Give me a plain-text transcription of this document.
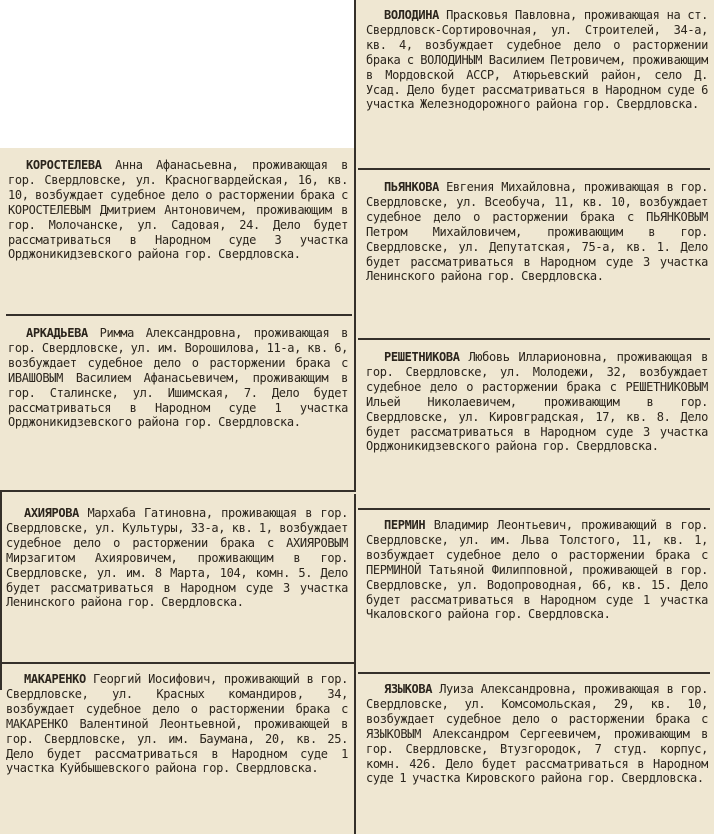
КОРОСТЕЛЕВА Анна Афанасьевна, проживающая в гор. Свердловске, ул. Красногвардейская, 16, кв. 10, возбуждает судебное дело о расторжении брака с КОРОСТЕЛЕВЫМ Дмитрием Антоновичем, проживающим в гор. Молочанске, ул. Садовая, 24. Дело будет рассматриваться в Народном суде 3 участка Орджоникидзевского района гор. Свердловска.

АРКАДЬЕВА Римма Александровна, проживающая в гор. Свердловске, ул. им. Ворошилова, 11-а, кв. 6, возбуждает судебное дело о расторжении брака с ИВАШОВЫМ Василием Афанасьевичем, проживающим в гор. Сталинске, ул. Ишимская, 7. Дело будет рассматриваться в Народном суде 1 участка Орджоникидзевского района гор. Свердловска.

АХИЯРОВА Мархаба Гатиновна, проживающая в гор. Свердловске, ул. Культуры, 33-а, кв. 1, возбуждает судебное дело о расторжении брака с АХИЯРОВЫМ Мирзагитом Ахияровичем, проживающим в гор. Свердловске, ул. им. 8 Марта, 104, комн. 5. Дело будет рассматриваться в Народном суде 3 участка Ленинского района гор. Свердловска.

МАКАРЕНКО Георгий Иосифович, проживающий в гор. Свердловске, ул. Красных командиров, 34, возбуждает судебное дело о расторжении брака с МАКАРЕНКО Валентиной Леонтьевной, проживающей в гор. Свердловске, ул. им. Баумана, 20, кв. 25. Дело будет рассматриваться в Народном суде 1 участка Куйбышевского района гор. Свердловска.

ВОЛОДИНА Прасковья Павловна, проживающая на ст. Свердловск-Сортировочная, ул. Строителей, 34-а, кв. 4, возбуждает судебное дело о расторжении брака с ВОЛОДИНЫМ Василием Петровичем, проживающим в Мордовской АССР, Атюрьевский район, село Д. Усад. Дело будет рассматриваться в Народном суде 6 участка Железнодорожного района гор. Свердловска.

ПЬЯНКОВА Евгения Михайловна, проживающая в гор. Свердловске, ул. Всеобуча, 11, кв. 10, возбуждает судебное дело о расторжении брака с ПЬЯНКОВЫМ Петром Михайловичем, проживающим в гор. Свердловске, ул. Депутатская, 75-а, кв. 1. Дело будет рассматриваться в Народном суде 3 участка Ленинского района гор. Свердловска.

РЕШЕТНИКОВА Любовь Илларионовна, проживающая в гор. Свердловске, ул. Молодежи, 32, возбуждает судебное дело о расторжении брака с РЕШЕТНИКОВЫМ Ильей Николаевичем, проживающим в гор. Свердловске, ул. Кировградская, 17, кв. 8. Дело будет рассматриваться в Народном суде 3 участка Орджоникидзевского района гор. Свердловска.

ПЕРМИН Владимир Леонтьевич, проживающий в гор. Свердловске, ул. им. Льва Толстого, 11, кв. 1, возбуждает судебное дело о расторжении брака с ПЕРМИНОЙ Татьяной Филипповной, проживающей в гор. Свердловске, ул. Водопроводная, 66, кв. 15. Дело будет рассматриваться в Народном суде 1 участка Чкаловского района гор. Свердловска.

ЯЗЫКОВА Луиза Александровна, проживающая в гор. Свердловске, ул. Комсомольская, 29, кв. 10, возбуждает судебное дело о расторжении брака с ЯЗЫКОВЫМ Александром Сергеевичем, проживающим в гор. Свердловске, Втузгородок, 7 студ. корпус, комн. 426. Дело будет рассматриваться в Народном суде 1 участка Кировского района гор. Свердловска.
